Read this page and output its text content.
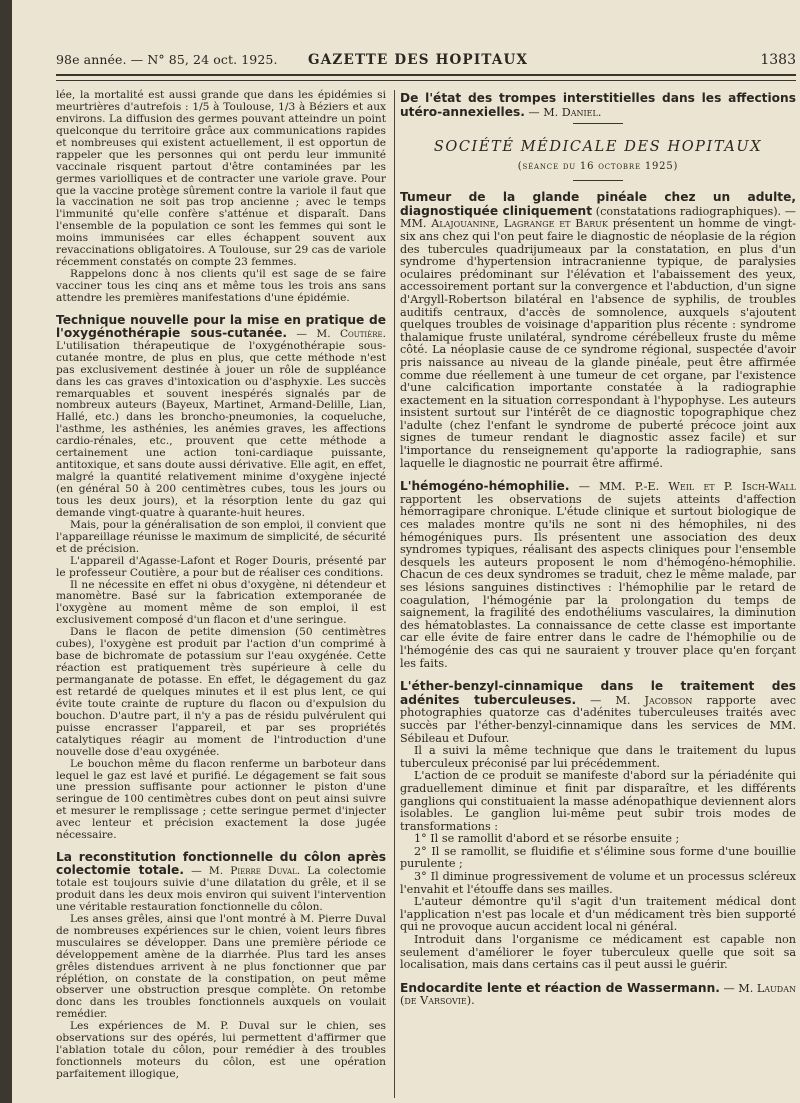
98e année. — N° 85, 24 oct. 1925. GAZETTE DES HOPITAUX	1383

lée, la mortalité est aussi grande que dans les épidémies si meurtrières d'autrefois : 1/5 à Toulouse, 1/3 à Béziers et aux environs. La diffusion des germes pouvant atteindre un point quelconque du territoire grâce aux communications rapides et nombreuses qui existent actuellement, il est opportun de rappeler que les personnes qui ont perdu leur immunité vaccinale risquent partout d'être contaminées par les germes variolliques et de contracter une variole grave. Pour que la vaccine protège sûrement contre la variole il faut que la vaccination ne soit pas trop ancienne ; avec le temps l'immunité qu'elle confère s'atténue et disparaît. Dans l'ensemble de la population ce sont les femmes qui sont le moins immunisées car elles échappent souvent aux revaccinations obligatoires. A Toulouse, sur 29 cas de variole récemment constatés on compte 23 femmes.

Rappelons donc à nos clients qu'il est sage de se faire vacciner tous les cinq ans et même tous les trois ans sans attendre les premières manifestations d'une épidémie.

Technique nouvelle pour la mise en pratique de l'oxygénothérapie sous-cutanée. — M. Coutière. L'utilisation thérapeutique de l'oxygénothérapie sous-cutanée montre, de plus en plus, que cette méthode n'est pas exclusivement destinée à jouer un rôle de suppléance dans les cas graves d'intoxication ou d'asphyxie. Les succès remarquables et souvent inespérés signalés par de nombreux auteurs (Bayeux, Martinet, Armand-Delille, Lian, Hallé, etc.) dans les broncho-pneumonies, la coqueluche, l'asthme, les asthénies, les anémies graves, les affections cardio-rénales, etc., prouvent que cette méthode a certainement une action toni-cardiaque puissante, antitoxique, et sans doute aussi dérivative. Elle agit, en effet, malgré la quantité relativement minime d'oxygène injecté (en général 50 à 200 centimètres cubes, tous les jours ou tous les deux jours), et la résorption lente du gaz qui demande vingt-quatre à quarante-huit heures.

Mais, pour la généralisation de son emploi, il convient que l'appareillage réunisse le maximum de simplicité, de sécurité et de précision.

L'appareil d'Agasse-Lafont et Roger Douris, présenté par le professeur Coutière, a pour but de réaliser ces conditions.

Il ne nécessite en effet ni obus d'oxygène, ni détendeur et manomètre. Basé sur la fabrication extemporanée de l'oxygène au moment même de son emploi, il est exclusivement composé d'un flacon et d'une seringue.

Dans le flacon de petite dimension (50 centimètres cubes), l'oxygène est produit par l'action d'un comprimé à base de bichromate de potassium sur l'eau oxygénée. Cette réaction est pratiquement très supérieure à celle du permanganate de potasse. En effet, le dégagement du gaz est retardé de quelques minutes et il est plus lent, ce qui évite toute crainte de rupture du flacon ou d'expulsion du bouchon. D'autre part, il n'y a pas de résidu pulvérulent qui puisse encrasser l'appareil, et par ses propriétés catalytiques réagir au moment de l'introduction d'une nouvelle dose d'eau oxygénée.

Le bouchon même du flacon renferme un barboteur dans lequel le gaz est lavé et purifié. Le dégagement se fait sous une pression suffisante pour actionner le piston d'une seringue de 100 centimètres cubes dont on peut ainsi suivre et mesurer le remplissage ; cette seringue permet d'injecter avec lenteur et précision exactement la dose jugée nécessaire.

La reconstitution fonctionnelle du côlon après colectomie totale. — M. Pierre Duval. La colectomie totale est toujours suivie d'une dilatation du grêle, et il se produit dans les deux mois environ qui suivent l'intervention une véritable restauration fonctionnelle du côlon.

Les anses grêles, ainsi que l'ont montré à M. Pierre Duval de nombreuses expériences sur le chien, voient leurs fibres musculaires se développer. Dans une première période ce développement amène de la diarrhée. Plus tard les anses grêles distendues arrivent à ne plus fonctionner que par réplétion, on constate de la constipation, on peut même observer une obstruction presque complète. On retombe donc dans les troubles fonctionnels auxquels on voulait remédier.

Les expériences de M. P. Duval sur le chien, ses observations sur des opérés, lui permettent d'affirmer que l'ablation totale du côlon, pour remédier à des troubles fonctionnels moteurs du côlon, est une opération parfaitement illogique,

De l'état des trompes interstitielles dans les affections utéro-annexielles. — M. Daniel.

SOCIÉTÉ MÉDICALE DES HOPITAUX
(séance du 16 octobre 1925)

Tumeur de la glande pinéale chez un adulte, diagnostiquée cliniquement (constatations radiographiques). — MM. Alajouanine, Lagrange et Baruk présentent un homme de vingt-six ans chez qui l'on peut faire le diagnostic de néoplasie de la région des tubercules quadrijumeaux par la constatation, en plus d'un syndrome d'hypertension intracranienne typique, de paralysies oculaires prédominant sur l'élévation et l'abaissement des yeux, accessoirement portant sur la convergence et l'abduction, d'un signe d'Argyll-Robertson bilatéral en l'absence de syphilis, de troubles auditifs centraux, d'accès de somnolence, auxquels s'ajoutent quelques troubles de voisinage d'apparition plus récente : syndrome thalamique fruste unilatéral, syndrome cérébelleux fruste du même côté. La néoplasie cause de ce syndrome régional, suspectée d'avoir pris naissance au niveau de la glande pinéale, peut être affirmée comme due réellement à une tumeur de cet organe, par l'existence d'une calcification importante constatée à la radiographie exactement en la situation correspondant à l'hypophyse. Les auteurs insistent surtout sur l'intérêt de ce diagnostic topographique chez l'adulte (chez l'enfant le syndrome de puberté précoce joint aux signes de tumeur rendant le diagnostic assez facile) et sur l'importance du renseignement qu'apporte la radiographie, sans laquelle le diagnostic ne pourrait être affirmé.

L'hémogéno-hémophilie. — MM. P.-E. Weil et P. Isch-Wall rapportent les observations de sujets atteints d'affection hémorragipare chronique. L'étude clinique et surtout biologique de ces malades montre qu'ils ne sont ni des hémophiles, ni des hémogéniques purs. Ils présentent une association des deux syndromes typiques, réalisant des aspects cliniques pour l'ensemble desquels les auteurs proposent le nom d'hémogéno-hémophilie. Chacun de ces deux syndromes se traduit, chez le même malade, par ses lésions sanguines distinctives : l'hémophilie par le retard de coagulation, l'hémogénie par la prolongation du temps de saignement, la fragilité des endothéliums vasculaires, la diminution des hématoblastes. La connaissance de cette classe est importante car elle évite de faire entrer dans le cadre de l'hémophilie ou de l'hémogénie des cas qui ne sauraient y trouver place qu'en forçant les faits.

L'éther-benzyl-cinnamique dans le traitement des adénites tuberculeuses. — M. Jacobson rapporte avec photographies quatorze cas d'adénites tuberculeuses traités avec succès par l'éther-benzyl-cinnamique dans les services de MM. Sébileau et Dufour.

Il a suivi la même technique que dans le traitement du lupus tuberculeux préconisé par lui précédemment.

L'action de ce produit se manifeste d'abord sur la périadénite qui graduellement diminue et finit par disparaître, et les différents ganglions qui constituaient la masse adénopathique deviennent alors isolables. Le ganglion lui-même peut subir trois modes de transformations :

1° Il se ramollit d'abord et se résorbe ensuite ;

2° Il se ramollit, se fluidifie et s'élimine sous forme d'une bouillie purulente ;

3° Il diminue progressivement de volume et un processus scléreux l'envahit et l'étouffe dans ses mailles.

L'auteur démontre qu'il s'agit d'un traitement médical dont l'application n'est pas locale et d'un médicament très bien supporté qui ne provoque aucun accident local ni général.

Introduit dans l'organisme ce médicament est capable non seulement d'améliorer le foyer tuberculeux quelle que soit sa localisation, mais dans certains cas il peut aussi le guérir.

Endocardite lente et réaction de Wassermann. — M. Laudan (de Varsovie).
